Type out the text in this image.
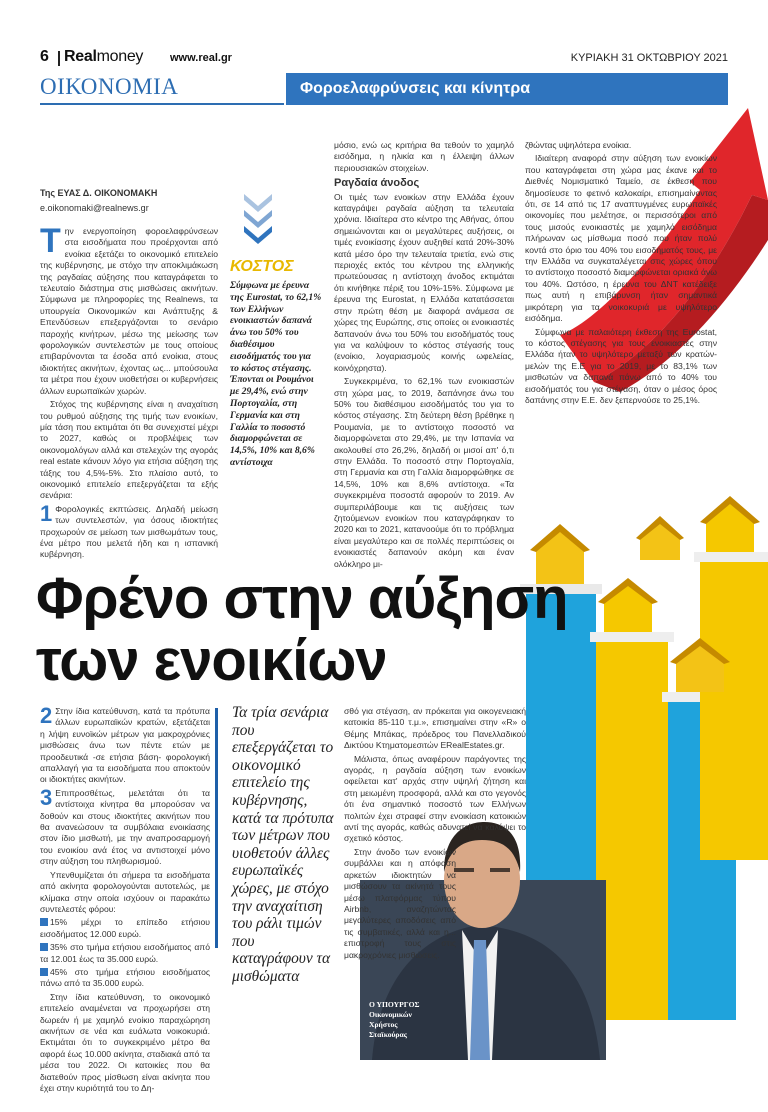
6 Realmoney www.real.gr	ΚΥΡΙΑΚΗ 31 ΟΚΤΩΒΡΙΟΥ 2021
ΟΙΚΟΝΟΜΙΑ	Φοροελαφρύνσεις και κίνητρα
Της ΕΥΑΣ Δ. ΟΙΚΟΝΟΜΑΚΗ
e.oikonomaki@realnews.gr

Την ενεργοποίηση φοροελαφρύνσεων στα εισοδήματα που προέρχονται από ενοίκια εξετάζει το οικονομικό επιτελείο της κυβέρνησης, με στόχο την αποκλιμάκωση της ραγδαίας αύξησης που καταγράφεται το τελευταίο διάστημα στις μισθώσεις ακινήτων. Σύμφωνα με πληροφορίες της Realnews, τα υπουργεία Οικονομικών και Ανάπτυξης & Επενδύσεων επεξεργάζονται το σενάριο παροχής κινήτρων, μέσω της μείωσης των φορολογικών συντελεστών με τους οποίους επιβαρύνονται τα έσοδα από ενοίκια, στους ιδιοκτήτες ακινήτων, έχοντας ως... μπούσουλα τα μέτρα που έχουν υιοθετήσει οι κυβερνήσεις άλλων ευρωπαϊκών χωρών.

Στόχος της κυβέρνησης είναι η αναχαίτιση του ρυθμού αύξησης της τιμής των ενοικίων, μία τάση που εκτιμάται ότι θα συνεχιστεί μέχρι το 2027, καθώς οι προβλέψεις των οικονομολόγων αλλά και στελεχών της αγοράς real estate κάνουν λόγο για ετήσια αύξηση της τάξης του 4,5%-5%. Στο πλαίσιο αυτό, το οικονομικό επιτελείο επεξεργάζεται τα εξής σενάρια:

1 Φορολογικές εκπτώσεις. Δηλαδή μείωση των συντελεστών, για όσους ιδιοκτήτες προχωρούν σε μείωση των μισθωμάτων τους, ένα μέτρο που μελετά ήδη και η ισπανική κυβέρνηση.

ΚΟΣΤΟΣ
Σύμφωνα με έρευνα της Eurostat, το 62,1% των Ελλήνων ενοικιαστών δαπανά άνω του 50% του διαθέσιμου εισοδήματός του για το κόστος στέγασης. Έπονται οι Ρουμάνοι με 29,4%, ενώ στην Πορτογαλία, στη Γερμανία και στη Γαλλία το ποσοστό διαμορφώνεται σε 14,5%, 10% και 8,6% αντίστοιχα

μόσιο, ενώ ως κριτήρια θα τεθούν το χαμηλό εισόδημα, η ηλικία και η έλλειψη άλλων περιουσιακών στοιχείων.

Ραγδαία άνοδος

Οι τιμές των ενοικίων στην Ελλάδα έχουν καταγράψει ραγδαία αύξηση τα τελευταία χρόνια. Ιδιαίτερα στο κέντρο της Αθήνας, όπου σημειώνονται και οι μεγαλύτερες αυξήσεις, οι τιμές ενοικίασης έχουν αυξηθεί κατά 20%-30% κατά μέσο όρο την τελευταία τριετία, ενώ στις περιοχές εκτός του κέντρου της ελληνικής πρωτεύουσας η αντίστοιχη άνοδος εκτιμάται ότι κινήθηκε πέριξ του 10%-15%. Σύμφωνα με έρευνα της Eurostat, η Ελλάδα κατατάσσεται στην πρώτη θέση με διαφορά ανάμεσα σε χώρες της Ευρώπης, στις οποίες οι ενοικιαστές δαπανούν άνω του 50% του εισοδήματός τους για να καλύψουν το κόστος στέγασής τους (ενοίκιο, λογαριασμούς κοινής ωφελείας, κοινόχρηστα).

Συγκεκριμένα, το 62,1% των ενοικιαστών στη χώρα μας, το 2019, δαπάνησε άνω του 50% του διαθέσιμου εισοδήματός του για το κόστος στέγασης. Στη δεύτερη θέση βρέθηκε η Ρουμανία, με το αντίστοιχο ποσοστό να διαμορφώνεται στο 29,4%, με την Ισπανία να ακολουθεί στο 26,2%, δηλαδή οι μισοί απ' ό,τι στην Ελλάδα. Το ποσοστό στην Πορτογαλία, στη Γερμανία και στη Γαλλία διαμορφώθηκε σε 14,5%, 10% και 8,6% αντίστοιχα. «Τα συγκεκριμένα ποσοστά αφορούν το 2019. Αν συμπεριλάβουμε και τις αυξήσεις των ζητούμενων ενοικίων που καταγράφηκαν το 2020 και το 2021, κατανοούμε ότι το πρόβλημα είναι μεγαλύτερο και σε πολλές περιπτώσεις οι ενοικιαστές δαπανούν ακόμη και έναν ολόκληρο μι-

ζθώντας υψηλότερα ενοίκια.

Ιδιαίτερη αναφορά στην αύξηση των ενοικίων που καταγράφεται στη χώρα μας έκανε και το Διεθνές Νομισματικό Ταμείο, σε έκθεση που δημοσίευσε το φετινό καλοκαίρι, επισημαίνοντας ότι, σε 14 από τις 17 αναπτυγμένες ευρωπαϊκές οικονομίες που μελέτησε, οι περισσότεροι από τους μισούς ενοικιαστές με χαμηλό εισόδημα πλήρωναν ως μίσθωμα ποσό που ήταν πολύ κοντά στο όριο του 40% του εισοδήματός τους, με την Ελλάδα να συγκαταλέγεται στις χώρες όπου το αντίστοιχο ποσοστό διαμορφώνεται οριακά άνω του 40%. Ωστόσο, η έρευνα του ΔΝΤ κατέδειξε πως αυτή η επιβάρυνση ήταν σημαντικά μικρότερη για τα νοικοκυριά με υψηλότερο εισόδημα.

Σύμφωνα με παλαιότερη έκθεση της Eurostat, το κόστος στέγασης για τους ενοικιαστές στην Ελλάδα ήταν το υψηλότερο μεταξύ των κρατών-μελών της Ε.Ε για το 2019, με το 83,1% των μισθωτών να δαπανά πάνω από το 40% του εισοδήματός του για στέγαση, όταν ο μέσος όρος δαπάνης στην Ε.Ε. δεν ξεπερνούσε το 25,1%.

Φρένο στην αύξηση
των ενοικίων

2 Στην ίδια κατεύθυνση, κατά τα πρότυπα άλλων ευρωπαϊκών κρατών, εξετάζεται η λήψη ευνοϊκών μέτρων για μακροχρόνιες μισθώσεις άνω των πέντε ετών με προοδευτικά -σε ετήσια βάση- φορολογική απαλλαγή για τα εισοδήματα που αποκτούν οι ιδιοκτήτες ακινήτων.

3 Επιπροσθέτως, μελετάται ότι τα αντίστοιχα κίνητρα θα μπορούσαν να δοθούν και στους ιδιοκτήτες ακινήτων που θα ανανεώσουν τα συμβόλαια ενοικίασης στον ίδιο μισθωτή, με την αναπροσαρμογή του ενοικίου ανά έτος να αντιστοιχεί μόνο στην αύξηση του πληθωρισμού.

Υπενθυμίζεται ότι σήμερα τα εισοδήματα από ακίνητα φορολογούνται αυτοτελώς, με κλίμακα στην οποία ισχύουν οι παρακάτω συντελεστές φόρου:

15% μέχρι το επίπεδο ετήσιου εισοδήματος 12.000 ευρώ.

35% στο τμήμα ετήσιου εισοδήματος από τα 12.001 έως τα 35.000 ευρώ.

45% στο τμήμα ετήσιου εισοδήματος πάνω από τα 35.000 ευρώ.

Στην ίδια κατεύθυνση, το οικονομικό επιτελείο αναμένεται να προχωρήσει στη δωρεάν ή με χαμηλό ενοίκιο παραχώρηση ακινήτων σε νέα και ευάλωτα νοικοκυριά. Εκτιμάται ότι το συγκεκριμένο μέτρο θα αφορά έως 10.000 ακίνητα, σταδιακά από τα μέσα του 2022. Οι κατοικίες που θα διατεθούν προς μίσθωση είναι ακίνητα που έχει στην κυριότητά του το Δη-

Τα τρία σενάρια που επεξεργάζεται το οικονομικό επιτελείο της κυβέρνησης, κατά τα πρότυπα των μέτρων που υιοθετούν άλλες ευρωπαϊκές χώρες, με στόχο την αναχαίτιση του ράλι τιμών που καταγράφουν τα μισθώματα

σθό για στέγαση, αν πρόκειται για οικογενειακή κατοικία 85-110 τ.μ.», επισημαίνει στην «R» ο Θέμης Μπάκας, πρόεδρος του Πανελλαδικού Δικτύου Κτηματομεσιτών ERealEstates.gr.

Μάλιστα, όπως αναφέρουν παράγοντες της αγοράς, η ραγδαία αύξηση των ενοικίων οφείλεται κατ' αρχάς στην υψηλή ζήτηση και στη μειωμένη προσφορά, αλλά και στο γεγονός ότι ένα σημαντικό ποσοστό των Ελλήνων πολιτών έχει στραφεί στην ενοικίαση κατοικιών αντί της αγοράς, καθώς αδυνατεί να καλύψει το σχετικό κόστος.

Στην άνοδο των ενοικίων συμβάλλει και η απόφαση αρκετών ιδιοκτητών να μισθώσουν τα ακίνητά τους μέσω πλατφόρμας τύπου Airbnb, αναζητώντας μεγαλύτερες αποδόσεις από τις συμβατικές, αλλά και η... επιστροφή τους στις μακροχρόνιες μισθώσεις.

Ο ΥΠΟΥΡΓΟΣ Οικονομικών Χρήστος Σταϊκούρας
